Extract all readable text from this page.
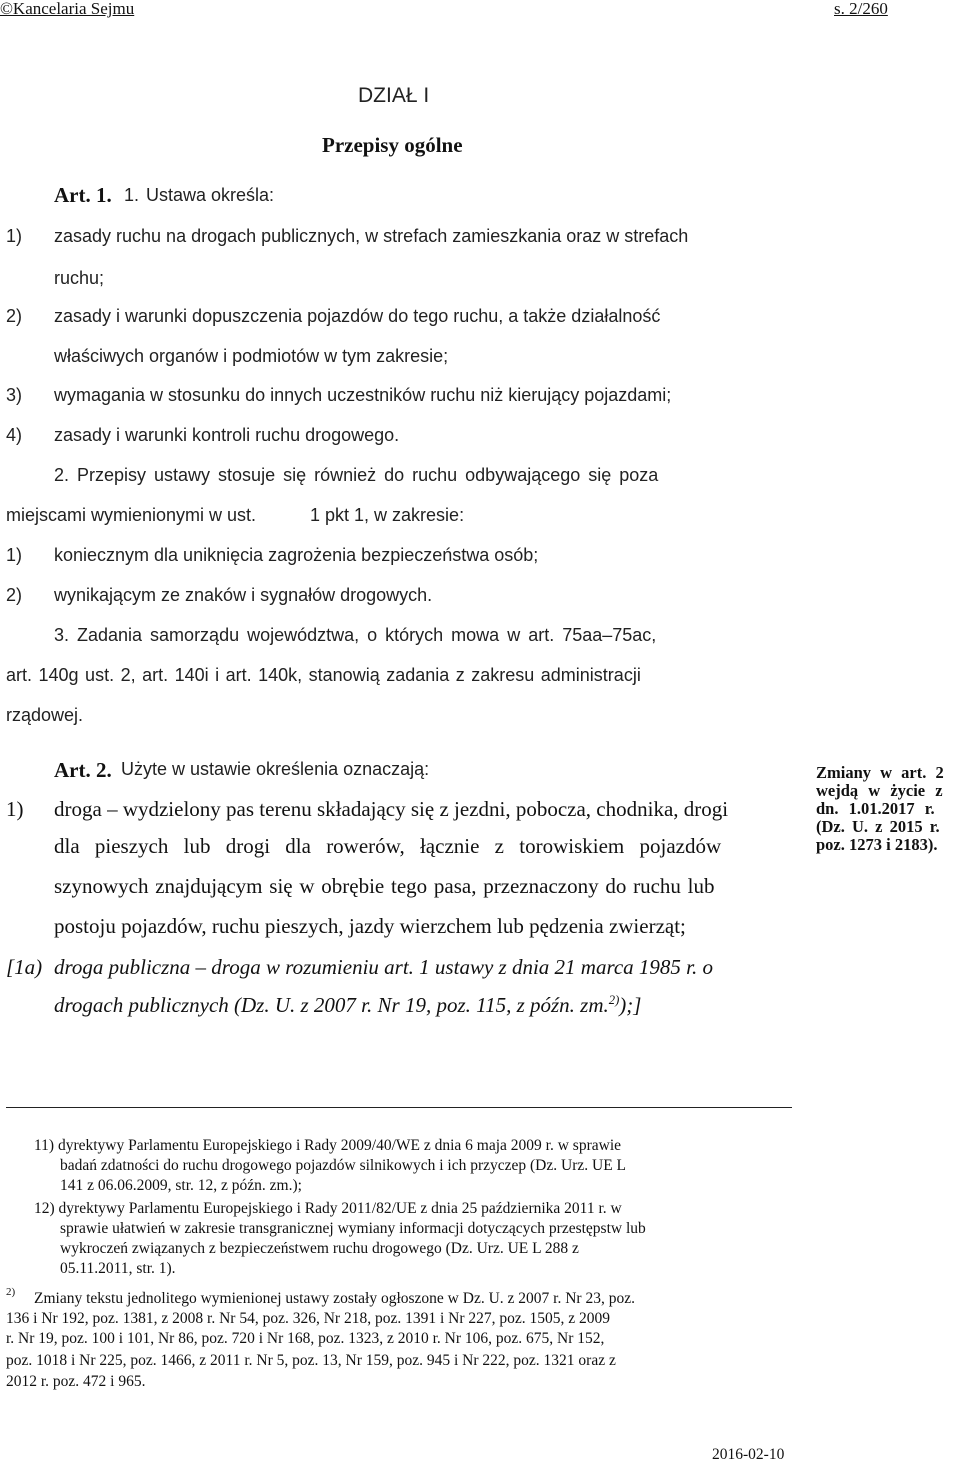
©Kancelaria Sejmu	s. 2/260
DZIAŁ I
Przepisy ogólne
Art. 1. 1. Ustawa określa:
1) zasady ruchu na drogach publicznych, w strefach zamieszkania oraz w strefach
ruchu;
2) zasady i warunki dopuszczenia pojazdów do tego ruchu, a także działalność
właściwych organów i podmiotów w tym zakresie;
3) wymagania w stosunku do innych uczestników ruchu niż kierujący pojazdami;
4) zasady i warunki kontroli ruchu drogowego.
2. Przepisy ustawy stosuje się również do ruchu odbywającego się poza
miejscami wymienionymi w ust.	1 pkt 1, w zakresie:
1) koniecznym dla uniknięcia zagrożenia bezpieczeństwa osób;
2) wynikającym ze znaków i sygnałów drogowych.
3. Zadania samorządu województwa, o których mowa w art. 75aa–75ac,
art. 140g ust. 2, art. 140i i art. 140k, stanowią zadania z zakresu administracji
rządowej.
Art. 2. Użyte w ustawie określenia oznaczają:
1) droga – wydzielony pas terenu składający się z jezdni, pobocza, chodnika, drogi
dla pieszych lub drogi dla rowerów, łącznie z torowiskiem pojazdów
szynowych znajdującym się w obrębie tego pasa, przeznaczony do ruchu lub
postoju pojazdów, ruchu pieszych, jazdy wierzchem lub pędzenia zwierząt;
[1a) droga publiczna – droga w rozumieniu art. 1 ustawy z dnia 21 marca 1985 r. o
drogach publicznych (Dz. U. z 2007 r. Nr 19, poz. 115, z późn. zm.$^{2)}$);]
Zmiany w art. 2
wejdą w życie z
dn. 1.01.2017 r.
(Dz. U. z 2015 r.
poz. 1273 i 2183).
11) dyrektywy Parlamentu Europejskiego i Rady 2009/40/WE z dnia 6 maja 2009 r. w sprawie
badań zdatności do ruchu drogowego pojazdów silnikowych i ich przyczep (Dz. Urz. UE L
141 z 06.06.2009, str. 12, z późn. zm.);
12) dyrektywy Parlamentu Europejskiego i Rady 2011/82/UE z dnia 25 października 2011 r. w
sprawie ułatwień w zakresie transgranicznej wymiany informacji dotyczących przestępstw lub
wykroczeń związanych z bezpieczeństwem ruchu drogowego (Dz. Urz. UE L 288 z
05.11.2011, str. 1).
2) Zmiany tekstu jednolitego wymienionej ustawy zostały ogłoszone w Dz. U. z 2007 r. Nr 23, poz.
136 i Nr 192, poz. 1381, z 2008 r. Nr 54, poz. 326, Nr 218, poz. 1391 i Nr 227, poz. 1505, z 2009
r. Nr 19, poz. 100 i 101, Nr 86, poz. 720 i Nr 168, poz. 1323, z 2010 r. Nr 106, poz. 675, Nr 152,
poz. 1018 i Nr 225, poz. 1466, z 2011 r. Nr 5, poz. 13, Nr 159, poz. 945 i Nr 222, poz. 1321 oraz z
2012 r. poz. 472 i 965.
2016-02-10
